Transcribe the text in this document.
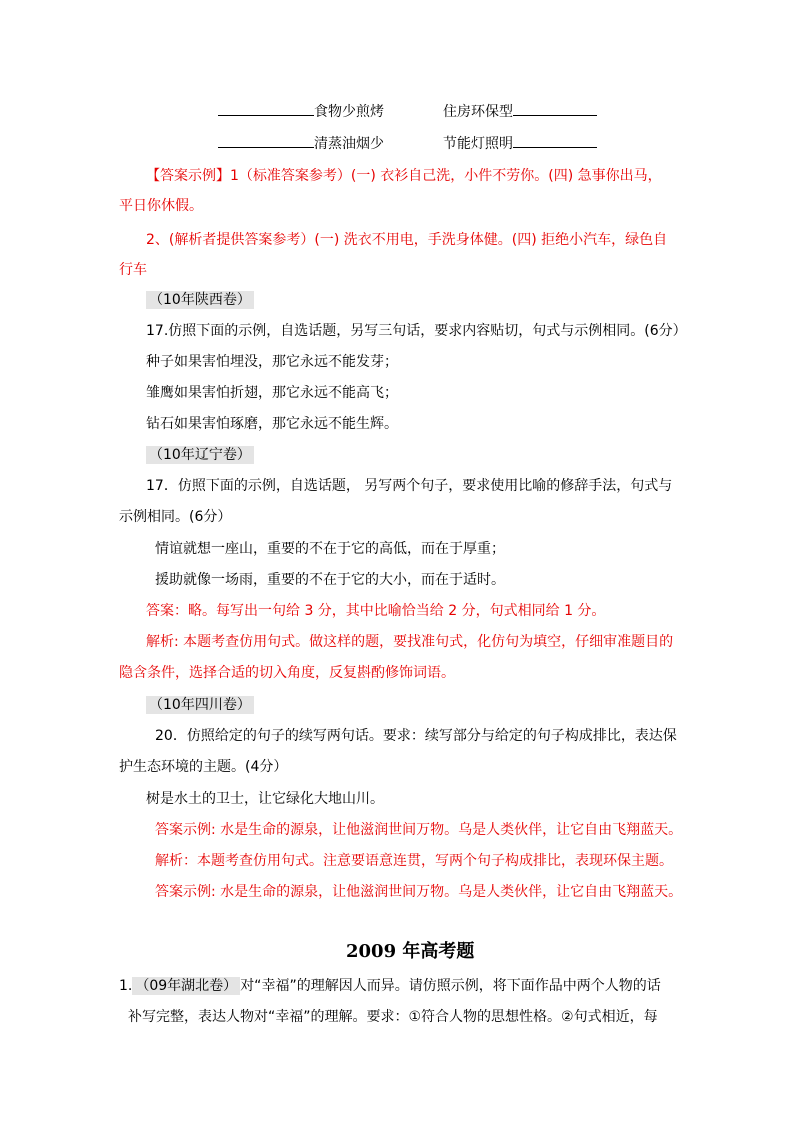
食物少煎烤	住房环保型
清蒸油烟少	节能灯照明
【答案示例】1（标准答案参考）(一) 衣衫自己洗，小件不劳你。(四) 急事你出马，
平日你休假。
2、(解析者提供答案参考）(一) 洗衣不用电，手洗身体健。(四) 拒绝小汽车，绿色自
行车
（10年陕西卷）
17.仿照下面的示例，自选话题，另写三句话，要求内容贴切，句式与示例相同。(6分）
种子如果害怕埋没，那它永远不能发芽；
雏鹰如果害怕折翅，那它永远不能高飞；
钻石如果害怕琢磨，那它永远不能生辉。
（10年辽宁卷）
17．仿照下面的示例，自选话题， 另写两个句子，要求使用比喻的修辞手法，句式与
示例相同。(6分）
情谊就想一座山，重要的不在于它的高低，而在于厚重；
援助就像一场雨，重要的不在于它的大小，而在于适时。
答案：略。每写出一句给 3 分，其中比喻恰当给 2 分，句式相同给 1 分。
解析: 本题考查仿用句式。做这样的题，要找准句式，化仿句为填空，仔细审准题目的
隐含条件，选择合适的切入角度，反复斟酌修饰词语。
（10年四川卷）
20．仿照给定的句子的续写两句话。要求：续写部分与给定的句子构成排比，表达保
护生态环境的主题。(4分）
树是水土的卫士，让它绿化大地山川。
答案示例: 水是生命的源泉，让他滋润世间万物。乌是人类伙伴，让它自由飞翔蓝天。
解析：本题考查仿用句式。注意要语意连贯，写两个句子构成排比，表现环保主题。
答案示例: 水是生命的源泉，让他滋润世间万物。乌是人类伙伴，让它自由飞翔蓝天。
2009 年高考题
1. （09年湖北卷） 对“幸福”的理解因人而异。请仿照示例，将下面作品中两个人物的话
补写完整，表达人物对“幸福”的理解。要求：①符合人物的思想性格。②句式相近，每
